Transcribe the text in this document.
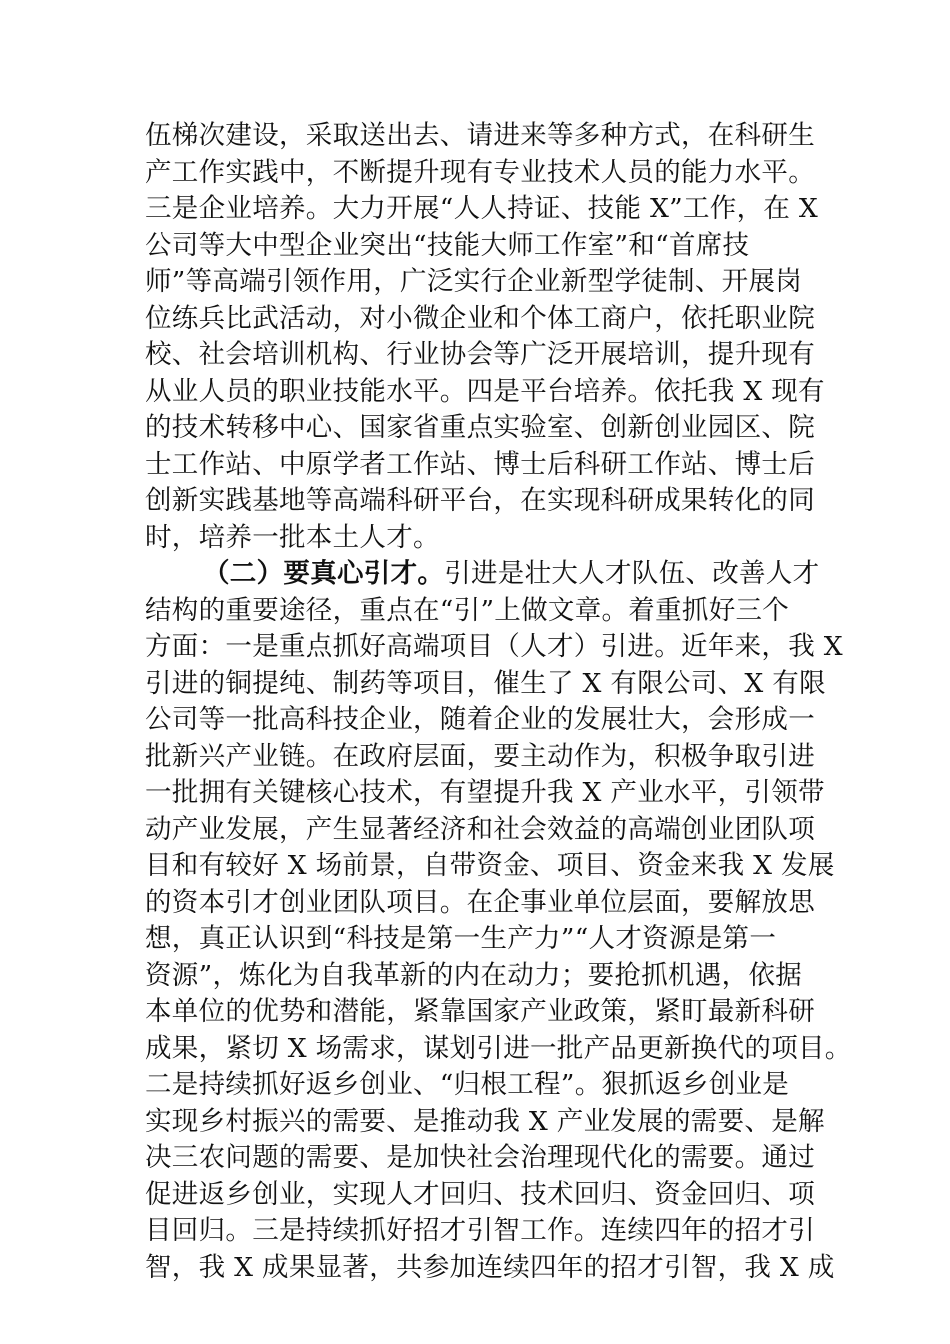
伍梯次建设，采取送出去、请进来等多种方式，在科研生
产工作实践中，不断提升现有专业技术人员的能力水平。
三是企业培养。大力开展“人人持证、技能 X”工作，在 X
公司等大中型企业突出“技能大师工作室”和“首席技
师”等高端引领作用，广泛实行企业新型学徒制、开展岗
位练兵比武活动，对小微企业和个体工商户，依托职业院
校、社会培训机构、行业协会等广泛开展培训，提升现有
从业人员的职业技能水平。四是平台培养。依托我 X 现有
的技术转移中心、国家省重点实验室、创新创业园区、院
士工作站、中原学者工作站、博士后科研工作站、博士后
创新实践基地等高端科研平台，在实现科研成果转化的同
时，培养一批本土人才。
（二）要真心引才。引进是壮大人才队伍、改善人才
结构的重要途径，重点在“引”上做文章。着重抓好三个
方面：一是重点抓好高端项目（人才）引进。近年来，我 X
引进的铜提纯、制药等项目，催生了 X 有限公司、X 有限
公司等一批高科技企业，随着企业的发展壮大，会形成一
批新兴产业链。在政府层面，要主动作为，积极争取引进
一批拥有关键核心技术，有望提升我 X 产业水平，引领带
动产业发展，产生显著经济和社会效益的高端创业团队项
目和有较好 X 场前景，自带资金、项目、资金来我 X 发展
的资本引才创业团队项目。在企事业单位层面，要解放思
想，真正认识到“科技是第一生产力”“人才资源是第一
资源”，炼化为自我革新的内在动力；要抢抓机遇，依据
本单位的优势和潜能，紧靠国家产业政策，紧盯最新科研
成果，紧切 X 场需求，谋划引进一批产品更新换代的项目。
二是持续抓好返乡创业、“归根工程”。狠抓返乡创业是
实现乡村振兴的需要、是推动我 X 产业发展的需要、是解
决三农问题的需要、是加快社会治理现代化的需要。通过
促进返乡创业，实现人才回归、技术回归、资金回归、项
目回归。三是持续抓好招才引智工作。连续四年的招才引
智，我 X 成果显著，共参加连续四年的招才引智，我 X 成
